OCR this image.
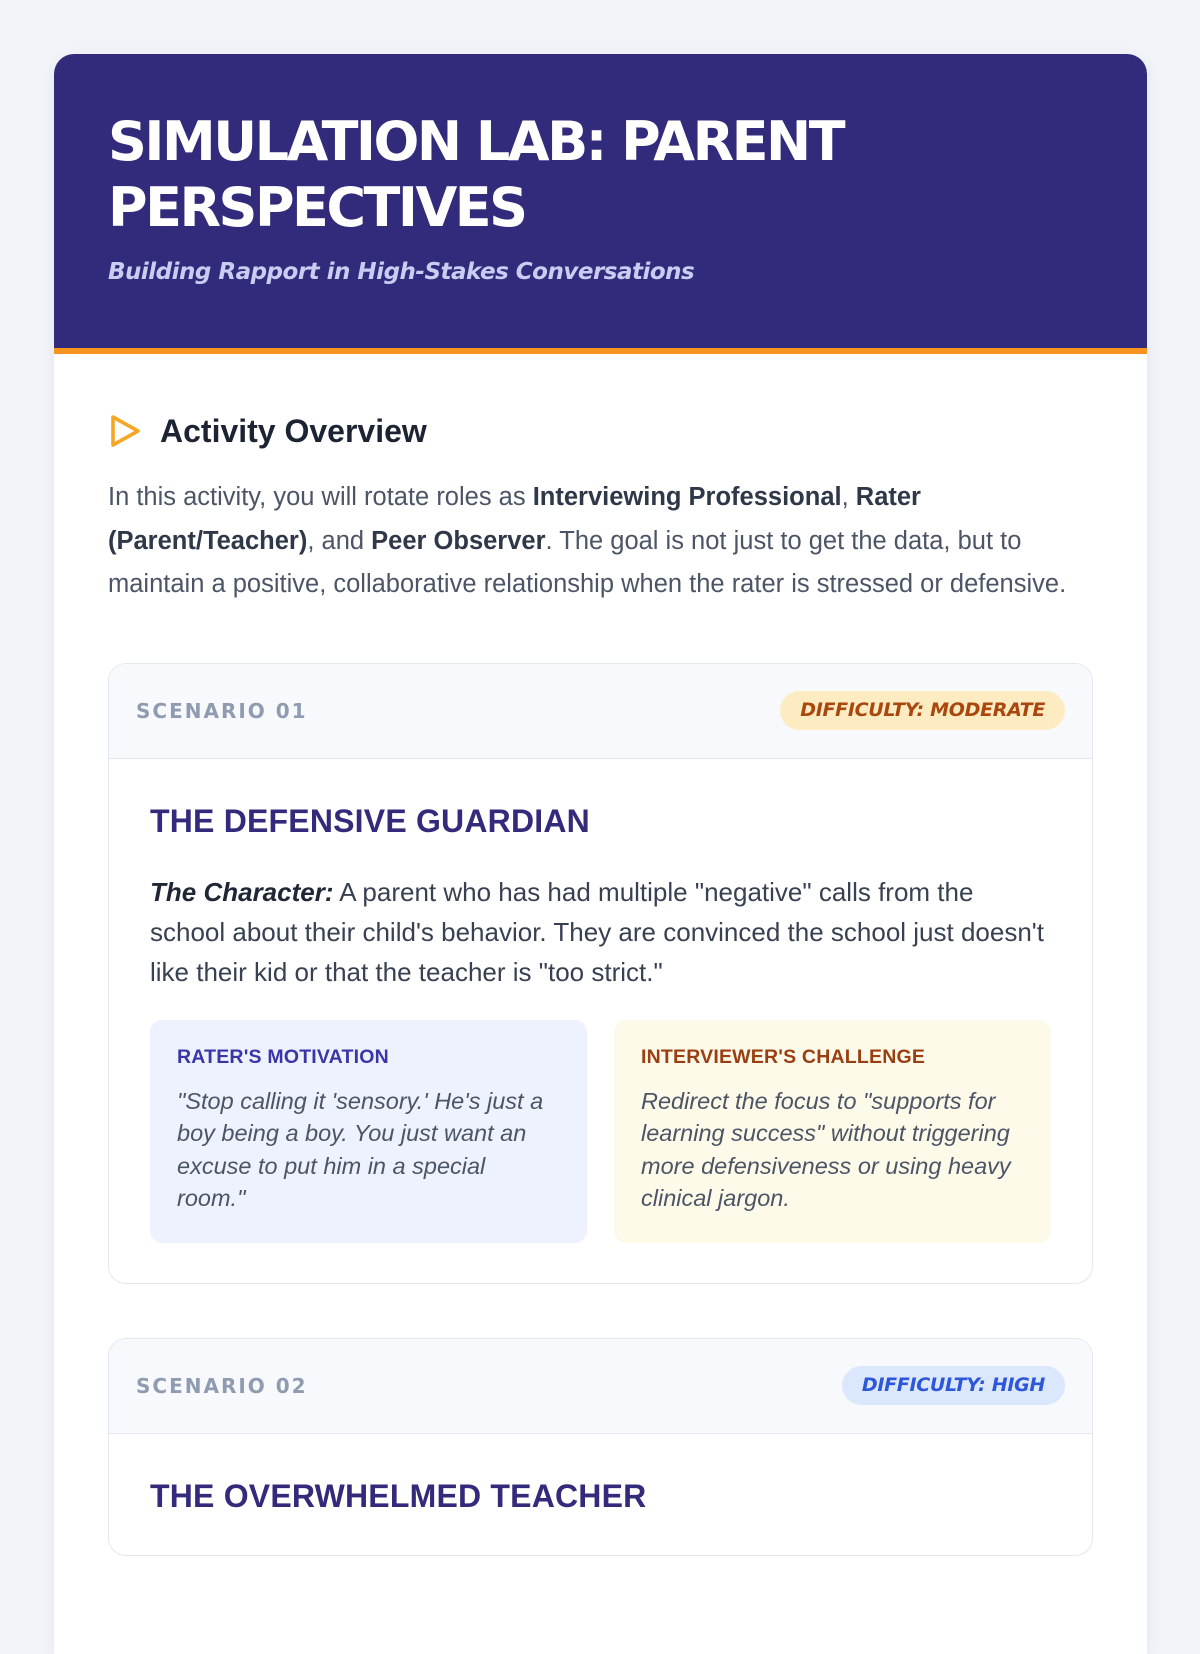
SIMULATION LAB: PARENT PERSPECTIVES
Building Rapport in High-Stakes Conversations
Activity Overview

In this activity, you will rotate roles as Interviewing Professional, Rater (Parent/Teacher), and Peer Observer. The goal is not just to get the data, but to maintain a positive, collaborative relationship when the rater is stressed or defensive.

SCENARIO 01	DIFFICULTY: MODERATE
THE DEFENSIVE GUARDIAN

The Character: A parent who has had multiple "negative" calls from the school about their child's behavior. They are convinced the school just doesn't like their kid or that the teacher is "too strict."

RATER'S MOTIVATION
"Stop calling it 'sensory.' He's just a boy being a boy. You just want an excuse to put him in a special room."
INTERVIEWER'S CHALLENGE
Redirect the focus to "supports for learning success" without triggering more defensiveness or using heavy clinical jargon.
SCENARIO 02	DIFFICULTY: HIGH
THE OVERWHELMED TEACHER
